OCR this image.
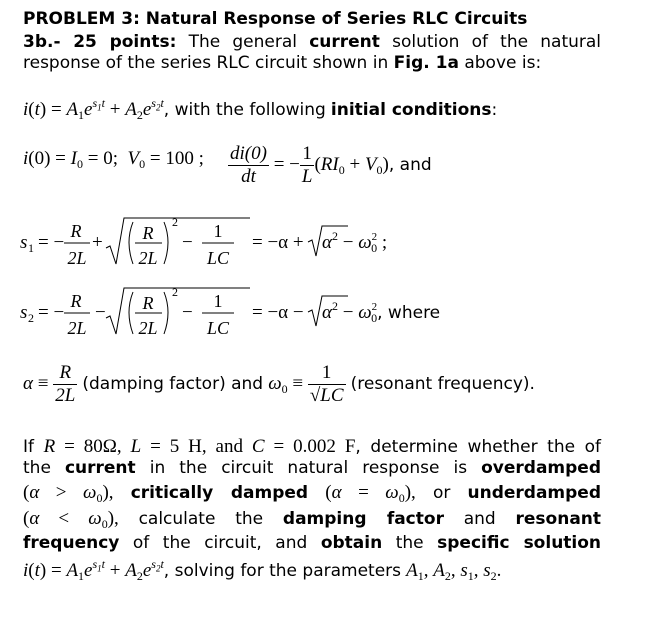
PROBLEM 3: Natural Response of Series RLC Circuits
3b.- 25 points: The general current solution of the natural
response of the series RLC circuit shown in Fig. 1a above is:
$i(t) = A_1e^{s_1t} + A_2e^{s_2t}$, with the following initial conditions:
$i(0) = I_0 = 0$;  $V_0 = 100$ ; $\frac{di(0)}{dt}$ = − $\frac{1}{L} (RI_0 + V_0)$, and
s 1 = −
R
2L
+ R
2L
2
−
1
LC
= $-\alpha + \alpha^2 - \omega^2_0$ ;
s 2 = −
R
2L
− R
2L
2
−
1
LC
= $-\alpha - \alpha^2 - \omega^2_0$, where
$\alpha \equiv \frac{R}{2L}$ (damping factor) and $\omega_0 \equiv \frac{1}{√LC}$ (resonant frequency).
If R = 80Ω, L = 5 H, and C = 0.002 F, determine whether the of
the current in the circuit natural response is overdamped
$(\alpha > \omega_0)$, critically damped $(\alpha = \omega_0)$, or underdamped
$(\alpha < \omega_0)$, calculate the damping factor and resonant
frequency of the circuit, and obtain the specific solution
$i(t) = A_1e^{s_1t} + A_2e^{s_2t}$, solving for the parameters $A_1$, $A_2$, $s_1$, $s_2$.
